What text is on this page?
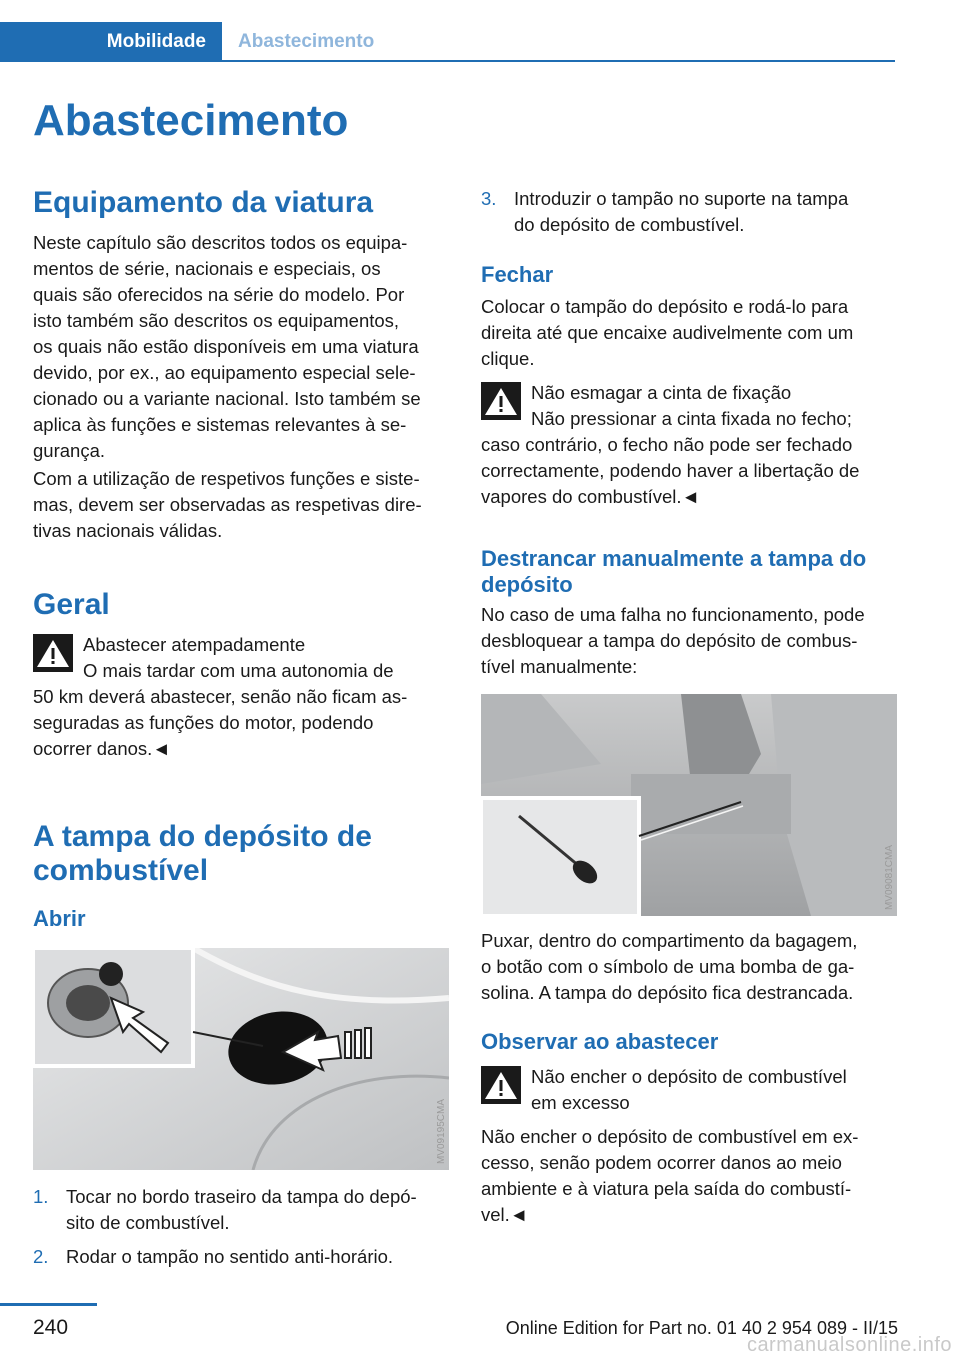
Mobilidade	Abastecimento
Abastecimento
Equipamento da viatura

Neste capítulo são descritos todos os equipa-

mentos de série, nacionais e especiais, os

quais são oferecidos na série do modelo. Por

isto também são descritos os equipamentos,

os quais não estão disponíveis em uma viatura

devido, por ex., ao equipamento especial sele-

cionado ou a variante nacional. Isto também se

aplica às funções e sistemas relevantes à se-

gurança.

Com a utilização de respetivos funções e siste-

mas, devem ser observadas as respetivas dire-

tivas nacionais válidas.

Geral

Abastecer atempadamente

O mais tardar com uma autonomia de

50 km deverá abastecer, senão não ficam as-

seguradas as funções do motor, podendo

ocorrer danos.◄

A tampa do depósito de
combustível
Abrir
MV09195CMA
1. Tocar no bordo traseiro da tampa do depó-
sito de combustível.
2. Rodar o tampão no sentido anti-horário.
3. Introduzir o tampão no suporte na tampa
do depósito de combustível.
Fechar

Colocar o tampão do depósito e rodá-lo para

direita até que encaixe audivelmente com um

clique.

Não esmagar a cinta de fixação

Não pressionar a cinta fixada no fecho;

caso contrário, o fecho não pode ser fechado

correctamente, podendo haver a libertação de

vapores do combustível.◄

Destrancar manualmente a tampa do
depósito

No caso de uma falha no funcionamento, pode

desbloquear a tampa do depósito de combus-

tível manualmente:

MV09081CMA

Puxar, dentro do compartimento da bagagem,

o botão com o símbolo de uma bomba de ga-

solina. A tampa do depósito fica destrancada.

Observar ao abastecer

Não encher o depósito de combustível

em excesso

Não encher o depósito de combustível em ex-

cesso, senão podem ocorrer danos ao meio

ambiente e à viatura pela saída do combustí-

vel.◄

240	Online Edition for Part no. 01 40 2 954 089 - II/15
carmanualsonline.info
